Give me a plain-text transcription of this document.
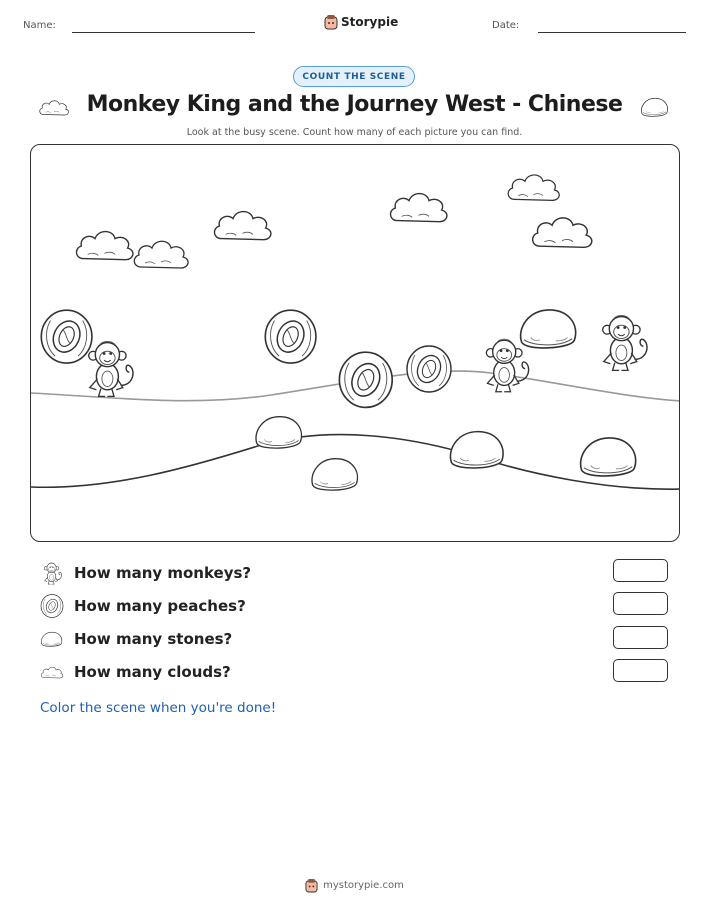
Name:	Storypie	Date:
COUNT THE SCENE
Monkey King and the Journey West - Chinese
Look at the busy scene. Count how many of each picture you can find.
How many monkeys?
How many peaches?
How many stones?
How many clouds?
Color the scene when you're done!
mystorypie.com
